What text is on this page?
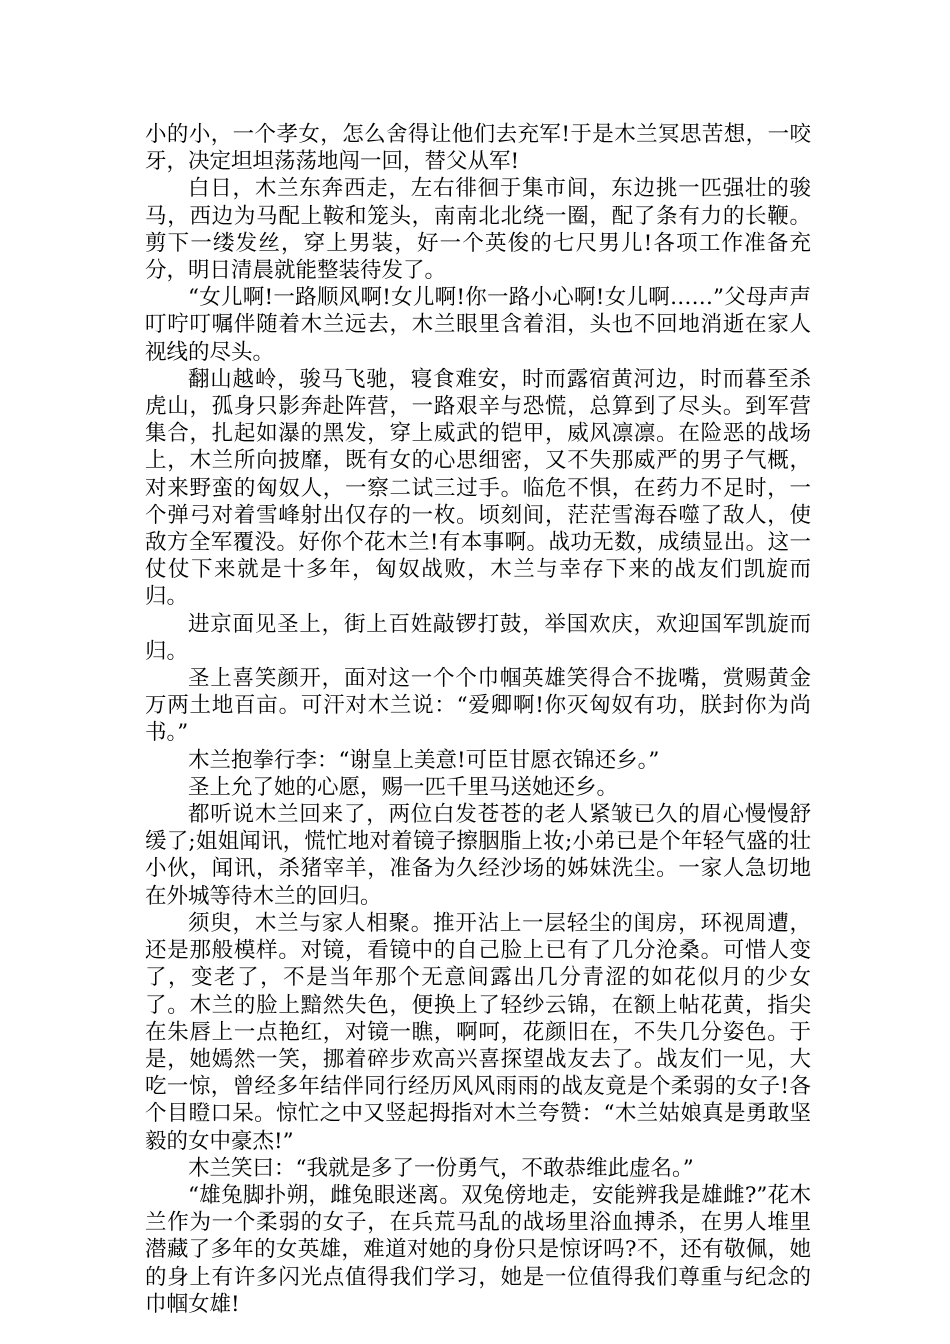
小的小，一个孝女，怎么舍得让他们去充军!于是木兰冥思苦想，一咬牙，决定坦坦荡荡地闯一回，替父从军!

白日，木兰东奔西走，左右徘徊于集市间，东边挑一匹强壮的骏马，西边为马配上鞍和笼头，南南北北绕一圈，配了条有力的长鞭。剪下一缕发丝，穿上男装，好一个英俊的七尺男儿!各项工作准备充分，明日清晨就能整装待发了。

“女儿啊!一路顺风啊!女儿啊!你一路小心啊!女儿啊……”父母声声叮咛叮嘱伴随着木兰远去，木兰眼里含着泪，头也不回地消逝在家人视线的尽头。

翻山越岭，骏马飞驰，寝食难安，时而露宿黄河边，时而暮至杀虎山，孤身只影奔赴阵营，一路艰辛与恐慌，总算到了尽头。到军营集合，扎起如瀑的黑发，穿上威武的铠甲，威风凛凛。在险恶的战场上，木兰所向披靡，既有女的心思细密，又不失那威严的男子气概，对来野蛮的匈奴人，一察二试三过手。临危不惧，在药力不足时，一个弹弓对着雪峰射出仅存的一枚。顷刻间，茫茫雪海吞噬了敌人，使敌方全军覆没。好你个花木兰!有本事啊。战功无数，成绩显出。这一仗仗下来就是十多年，匈奴战败，木兰与幸存下来的战友们凯旋而归。

进京面见圣上，街上百姓敲锣打鼓，举国欢庆，欢迎国军凯旋而归。

圣上喜笑颜开，面对这一个个巾帼英雄笑得合不拢嘴，赏赐黄金万两土地百亩。可汗对木兰说：“爱卿啊!你灭匈奴有功，朕封你为尚书。”

木兰抱拳行李：“谢皇上美意!可臣甘愿衣锦还乡。”

圣上允了她的心愿，赐一匹千里马送她还乡。

都听说木兰回来了，两位白发苍苍的老人紧皱已久的眉心慢慢舒缓了;姐姐闻讯，慌忙地对着镜子擦胭脂上妆;小弟已是个年轻气盛的壮小伙，闻讯，杀猪宰羊，准备为久经沙场的姊妹洗尘。一家人急切地在外城等待木兰的回归。

须臾，木兰与家人相聚。推开沾上一层轻尘的闺房，环视周遭，还是那般模样。对镜，看镜中的自己脸上已有了几分沧桑。可惜人变了，变老了，不是当年那个无意间露出几分青涩的如花似月的少女了。木兰的脸上黯然失色，便换上了轻纱云锦，在额上帖花黄，指尖在朱唇上一点艳红，对镜一瞧，啊呵，花颜旧在，不失几分姿色。于是，她嫣然一笑，挪着碎步欢高兴喜探望战友去了。战友们一见，大吃一惊，曾经多年结伴同行经历风风雨雨的战友竟是个柔弱的女子!各个目瞪口呆。惊忙之中又竖起拇指对木兰夸赞：“木兰姑娘真是勇敢坚毅的女中豪杰!”

木兰笑曰：“我就是多了一份勇气，不敢恭维此虚名。”

“雄兔脚扑朔，雌兔眼迷离。双兔傍地走，安能辨我是雄雌?”花木兰作为一个柔弱的女子，在兵荒马乱的战场里浴血搏杀，在男人堆里潜藏了多年的女英雄，难道对她的身份只是惊讶吗?不，还有敬佩，她的身上有许多闪光点值得我们学习，她是一位值得我们尊重与纪念的巾帼女雄!
